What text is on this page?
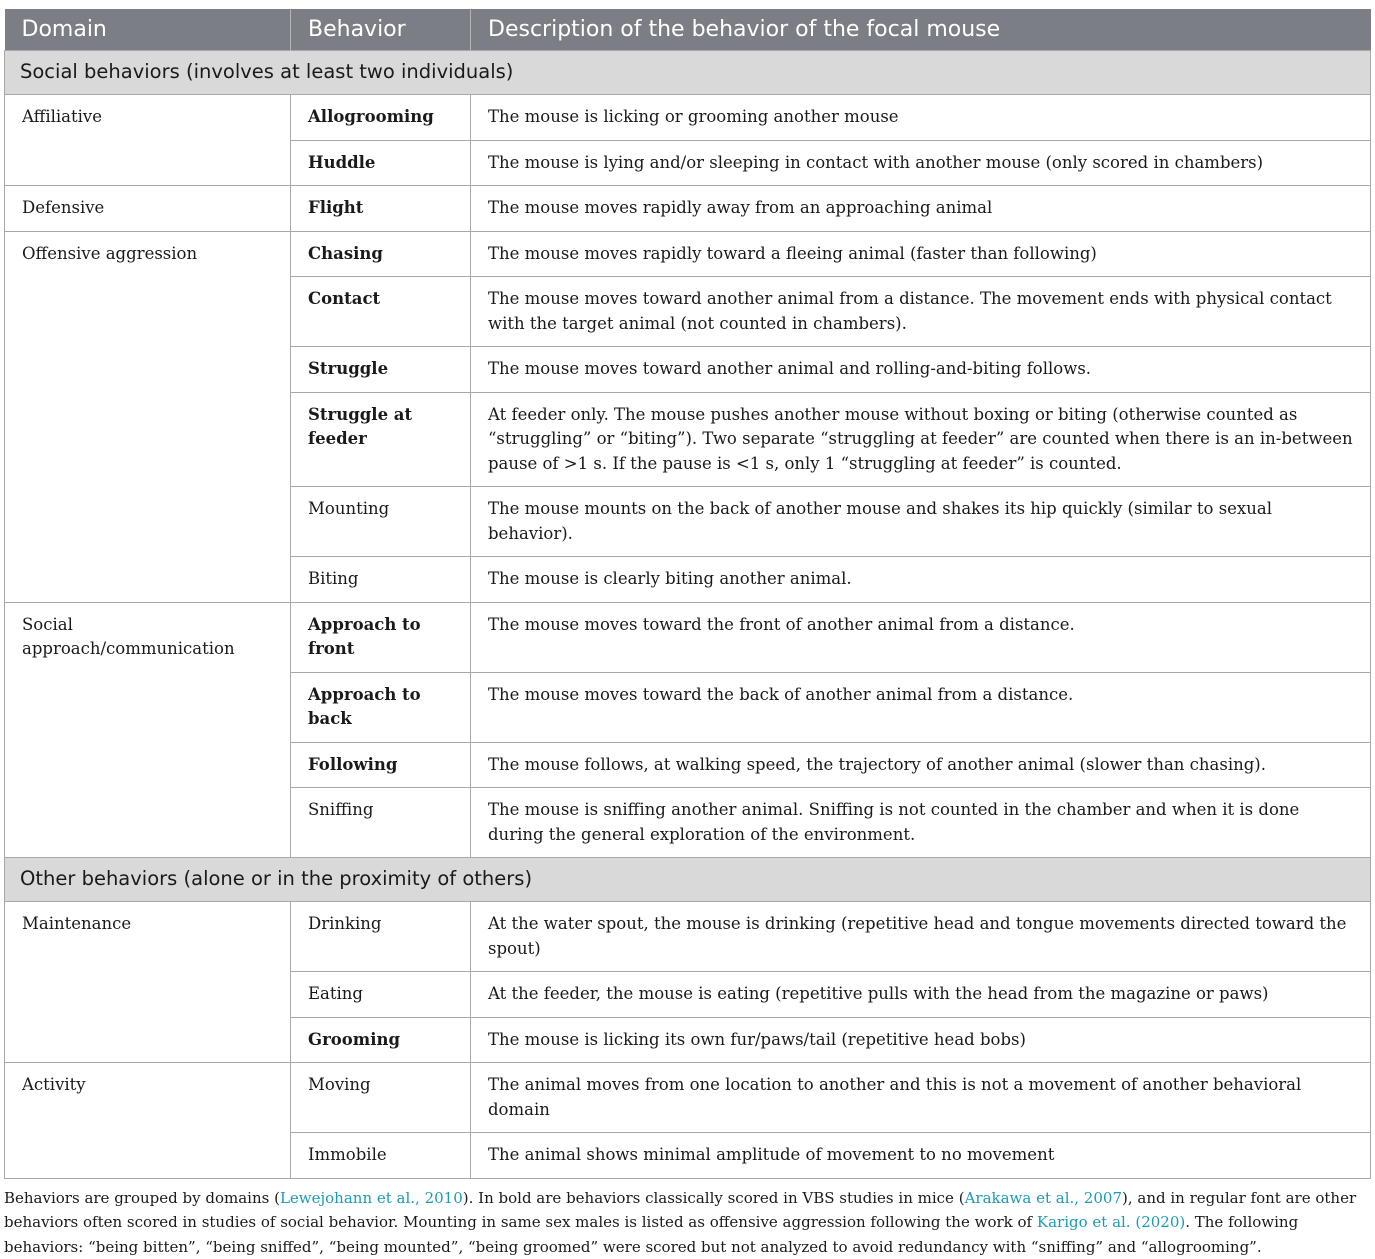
Domain	Behavior	Description of the behavior of the focal mouse
Social behaviors (involves at least two individuals)		
Affiliative	Allogrooming	The mouse is licking or grooming another mouse
	Huddle	The mouse is lying and/or sleeping in contact with another mouse (only scored in chambers)
Defensive	Flight	The mouse moves rapidly away from an approaching animal
Offensive aggression	Chasing	The mouse moves rapidly toward a fleeing animal (faster than following)
	Contact	The mouse moves toward another animal from a distance. The movement ends with physical contact with the target animal (not counted in chambers).
	Struggle	The mouse moves toward another animal and rolling-and-biting follows.
	Struggle at feeder	At feeder only. The mouse pushes another mouse without boxing or biting (otherwise counted as “struggling” or “biting”). Two separate “struggling at feeder” are counted when there is an in-between pause of >1 s. If the pause is <1 s, only 1 “struggling at feeder” is counted.
	Mounting	The mouse mounts on the back of another mouse and shakes its hip quickly (similar to sexual behavior).
	Biting	The mouse is clearly biting another animal.
Social approach/communication	Approach to front	The mouse moves toward the front of another animal from a distance.
	Approach to back	The mouse moves toward the back of another animal from a distance.
	Following	The mouse follows, at walking speed, the trajectory of another animal (slower than chasing).
	Sniffing	The mouse is sniffing another animal. Sniffing is not counted in the chamber and when it is done during the general exploration of the environment.
Other behaviors (alone or in the proximity of others)		
Maintenance	Drinking	At the water spout, the mouse is drinking (repetitive head and tongue movements directed toward the spout)
	Eating	At the feeder, the mouse is eating (repetitive pulls with the head from the magazine or paws)
	Grooming	The mouse is licking its own fur/paws/tail (repetitive head bobs)
Activity	Moving	The animal moves from one location to another and this is not a movement of another behavioral domain
	Immobile	The animal shows minimal amplitude of movement to no movement
Behaviors are grouped by domains (Lewejohann et al., 2010). In bold are behaviors classically scored in VBS studies in mice (Arakawa et al., 2007), and in regular font are other behaviors often scored in studies of social behavior. Mounting in same sex males is listed as offensive aggression following the work of Karigo et al. (2020). The following behaviors: “being bitten”, “being sniffed”, “being mounted”, “being groomed” were scored but not analyzed to avoid redundancy with “sniffing” and “allogrooming”.
